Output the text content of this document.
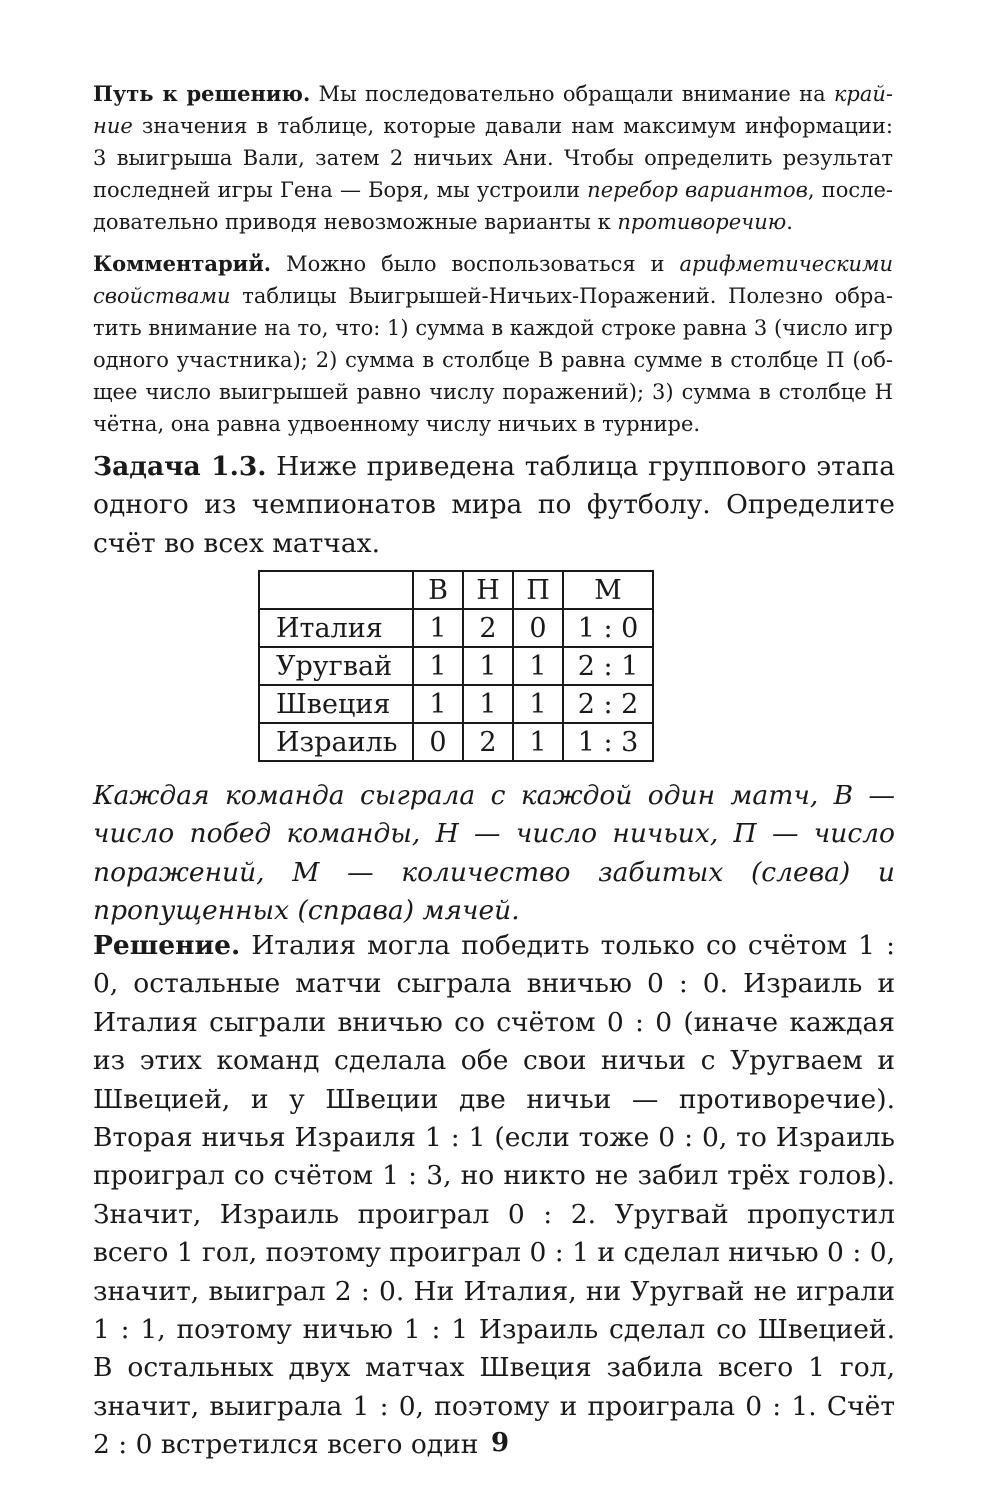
Путь к решению. Мы последовательно обращали внимание на крайние значения в таблице, которые давали нам максимум информации: 3 выигрыша Вали, затем 2 ничьих Ани. Чтобы определить результат последней игры Гена — Боря, мы устроили перебор вариантов, последовательно приводя невозможные варианты к противоречию.

Комментарий. Можно было воспользоваться и арифметическими свойствами таблицы Выигрышей-Ничьих-Поражений. Полезно обратить внимание на то, что: 1) сумма в каждой строке равна 3 (число игр одного участника); 2) сумма в столбце В равна сумме в столбце П (общее число выигрышей равно числу поражений); 3) сумма в столбце Н чётна, она равна удвоенному числу ничьих в турнире.

Задача 1.3. Ниже приведена таблица группового этапа одного из чемпионатов мира по футболу. Определите счёт во всех матчах.

	В	Н	П	М
Италия	1	2	0	1 : 0
Уругвай	1	1	1	2 : 1
Швеция	1	1	1	2 : 2
Израиль	0	2	1	1 : 3

Каждая команда сыграла с каждой один матч, В — число побед команды, Н — число ничьих, П — число поражений, М — количество забитых (слева) и пропущенных (справа) мячей.

Решение. Италия могла победить только со счётом 1 : 0, остальные матчи сыграла вничью 0 : 0. Израиль и Италия сыграли вничью со счётом 0 : 0 (иначе каждая из этих команд сделала обе свои ничьи с Уругваем и Швецией, и у Швеции две ничьи — противоречие). Вторая ничья Израиля 1 : 1 (если тоже 0 : 0, то Израиль проиграл со счётом 1 : 3, но никто не забил трёх голов). Значит, Израиль проиграл 0 : 2. Уругвай пропустил всего 1 гол, поэтому проиграл 0 : 1 и сделал ничью 0 : 0, значит, выиграл 2 : 0. Ни Италия, ни Уругвай не играли 1 : 1, поэтому ничью 1 : 1 Израиль сделал со Швецией. В остальных двух матчах Швеция забила всего 1 гол, значит, выиграла 1 : 0, поэтому и проиграла 0 : 1. Счёт 2 : 0 встретился всего один 9
